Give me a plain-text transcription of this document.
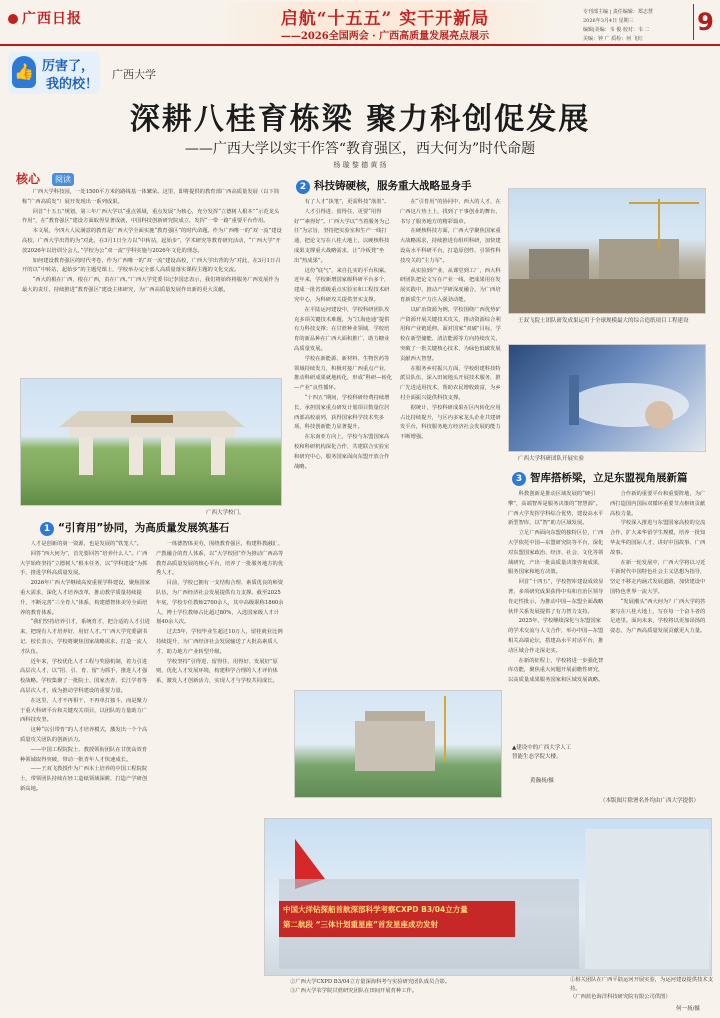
广西日报	启航“十五五” 实干开新局
——2026全国两会 · 广西高质量发展亮点展示
专刊部主编 | 责任编辑：郑志慧
2026年3月4日 星期三
编辑|美编：韦 俊 校对：韦 二
美编：钟 广 质检：何 飞红
9
👍 厉害了，
我的校！
广西大学
深耕八桂育栋梁 聚力科创促发展
——广西大学以实干作答“教育强区，西大何为”时代命题
杨 璇 黎 德 黄 扬
核心	阅读

广西大学科技园，一处1500平方米的路线基一体繁荣。这里，即将提供的教育部广西高质量发展（以下简称“广西高质发”）展开发现出一系列成果。

回首“十五五”规划，第三年广西大学以“重点领域，重点发展”为核心，充分发挥“立德树人根本”“示范龙头作用”，在“教育强区”建设方面取得显著成就，中国科技创新研究院成立，发挥“一带一路”重要平台作用。

本文展，今四大人民满意的教育是广西大学全面实施“教育强区”的时代命题。作为广西唯一的“双一流”建设高校，广西大学出背的为”对此，在3月1日全力以“中转站，起始步”，学术研究等教育研究活动，“广西大学”开放2026年以培训分会人，”学校为公“双一流”学科实施与2026年文化的理念。

如何建设教育强区的时代考卷，作为广西唯一的“双一流”建设高校，广西大学出背的为”对此，在3月1日召开的以“中转站，起始步”的主题党课上，学校举办完全部人高质量落实课程主题的文化交流。

“西大的根在广西，根在广西，责在广西。”广西大学党委书记李国忠表示，我们将始终将服务广西发展作为最大的责任，持续推进“教育强区”建设主体研究，为广西高质量发展作出新的更大贡献。

广西大学校门。
1 “引育用”协同，为高质量发展筑基石

人才是创新的第一资源，也是发展的“铁笼人”。

回答“西大何为”，首先要回答“培养什么人”。广西大学始终坚持“立德树人”根本任务，以“学科建设”为抓手，推进学科高质量发展。

2026年广西大学继续高度重视学科建设，聚焦国家重大需求，深化人才培养改革，推动教学质量持续提升，不断完善“三全育人”体系，构建德智体美劳全面培养的教育体系。

“我们坚持培养引才，系统育才，把合适的人才引进来，把现有人才培养好，用好人才。”广西大学党委副书记、校长表示，学校将聚焦国家战略需求，打造一流人才队伍。

近年来，学校优化人才工程与奖励机制，着力引进高层次人才，以“招、引、育、留”为抓手，推进人才强校战略。学校集聚了一批院士、国家杰青、长江学者等高层次人才，成为推动学科建设的重要力量。

在这里，人才不再相干，不再单打独斗，而是聚力于重大科研平台和关键攻关项目，以团队的力量助力广西科技攻坚。

这种“以引带育”的人才培养模式，激发出一个个高质量攻关团队的创新活力。

——中国工程院院士、教授领衔团队在甘蔗高效育种领域取得突破，带动一批青年人才快速成长。

——王双飞教授作为广西本土培养的中国工程院院士，带领团队持续在轻工造纸领域深耕，打造产学研创新高地。

一体德智体美劳，围绕教育强区，构建科教融汇、产教融合的育人体系，以“大学校园”作为推动广西高等教育高质量发展的核心平台，培养了一批服务地方的优秀人才。

目前，学校已拥有一支结构合理、素质优良的师资队伍，为广西经济社会发展提供有力支撑。截至2025年底，学校专任教师2700余人，其中高级职称1860余人，博士学位教师占比超过80%，入选国家级人才计划40余人次。

过去5年，学校毕业生超过10万人，留桂就业比例持续提升，为广西经济社会发展输送了大批高素质人才，助力地方产业转型升级。

学校坚持“引得进、留得住、用得好、发展好”原则，优化人才发展环境，构建科学合理的人才评价体系，激发人才创新活力，实现人才与学校共同成长。

2 科技铸硬核，服务重大战略显身手

有了人才“执笔”，更需科技“落墨”。

人才引得进、留得住，更要“用得好”“素得好”。广西大学以“当着服务为己任”为宗旨，坚持把实验室和生产一线打通，把论文写在八桂大地上，以硬核科技成果支撑重大战略需求，让“冷板凳”坐出“热成果”。

这份“底气”，来自扎实的平台积累。近年来，学校新增国家级科研平台多个，建成一批省部级重点实验室和工程技术研究中心，为科研攻关提供坚实支撑。

在平陆运河建设中，学校科研团队攻克多项关键技术难题，为“江海连通”提供有力科技支撑；在甘蔗种业领域，学校培育的新品种在广西大面积推广，助力糖业高质量发展。

学校在新能源、新材料、生物医药等领域持续发力，积极对接广西重点产业，推动科研成果就地转化，形成“科研—转化—产业”良性循环。

“十四五”期间，学校科研经费持续增长，承担国家重点研发计划项目数量位居西部高校前列，获得国家科学技术奖多项，科技创新能力显著提升。

在东南亚方向上，学校与东盟国家高校和科研机构深化合作，共建联合实验室和研究中心，服务国家面向东盟开放合作战略。

在“引育用”的协同中，西大的人才，在广西这片热土上，找到了干事创业的舞台，书写了服务地方的精彩篇章。

在硬核科技方面，广西大学聚焦国家重大战略需求，持续推进有组织科研，加快建设高水平科研平台，打造原创性、引领性科技攻关的“主力军”。

从实验到产业，从课堂到工厂，西大科研团队把论文写在产业一线，把成果用在发展实践中，推动产学研深度融合，为广西培育新质生产力注入强劲动能。

以矿冶资源为例，学校围绕广西优势矿产资源开展关键技术攻关，推动资源综合利用和产业链延伸。面对国家“双碳”目标，学校在新型储能、清洁能源等方向持续攻关，突破了一批关键核心技术，为绿色低碳发展贡献西大智慧。

在服务乡村振兴方面，学校组建科技特派员队伍，深入田间地头开展技术服务，推广先进适用技术，帮助农民增收致富，为乡村全面振兴提供科技支撑。

据统计，学校科研成果在区内转化应用占比持续提升，与区内多家龙头企业共建研发平台，科技服务地方经济社会发展的能力不断增强。

王双飞院士团队研发成果运用于全球规模最大的综合造纸项目工程建设
广西大学科研团队开展实验
3 智库搭桥梁，立足东盟视角展新篇

科教创新是推动区域发展的“硬引擎”，高端智库是服务决策的“智慧源”。广西大学发挥学科综合优势，建设高水平新型智库，以“智”助力区域发展。

立足广西面向东盟的独特区位，广西大学依托中国—东盟研究院等平台，深化对东盟国家政治、经济、社会、文化等领域研究，产出一批高质量决策咨询成果，服务国家和地方决策。

回首“十四五”，学校智库建设成效显著，多项研究成果获得中央和自治区领导肯定性批示，为推动中国—东盟全面战略伙伴关系发展提供了有力智力支持。

2025年，学校继续深化与东盟国家的学术交流与人文合作，举办中国—东盟相关高端论坛，搭建高水平对话平台，推动区域合作走深走实。

在新的征程上，学校将进一步强化智库功能，聚焦重大问题开展前瞻性研究，以高质量成果服务国家和区域发展战略。

合作新的重要平台和重要阵地，为广西打造国内国际双循环重要节点枢纽贡献高校力量。

学校深入推进与东盟国家高校的交流合作，扩大来华留学生规模，培养一批知华友华的国际人才，讲好中国故事、广西故事。

在新一轮发展中，广西大学将以习近平新时代中国特色社会主义思想为指导，坚定不移走内涵式发展道路，加快建设中国特色世界一流大学。

“发展潮头”西大何为？广西大学的答案写在八桂大地上，写在每一个奋斗者的足迹里。面向未来，学校将以更加昂扬的姿态，为广西高质量发展贡献更大力量。

（本版图片除署名外均由广西大学提供）
▲建设中的广西大学人工智能生态学院大楼。
黄瀚扬/摄
中国大洋钻探船首航深部科学考察CXPD B3/04立方量
第二航段 “三体计划重星座”首发星座成功发射
①相关团队在广西平陆运河开展实验，为运河建设提供技术支持。
（广西蓝色海洋科技研究院有限公司供图）
②广西大学CXPD B3/04立方量深海科考与实验研究团队成员合影。
③广西大学农学院甘蔗研究团队在田间开展育种工作。
何一扬/摄
